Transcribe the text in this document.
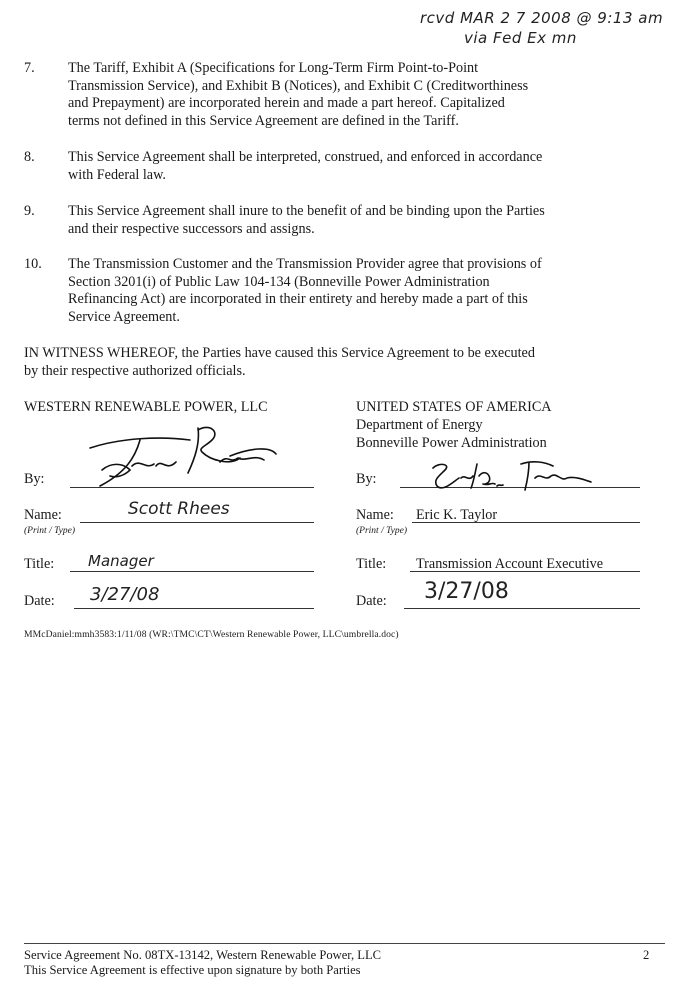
rcvd MAR 2 7 2008 @ 9:13 am
via Fed Ex mn
7.	The Tariff, Exhibit A (Specifications for Long-Term Firm Point-to-Point
Transmission Service), and Exhibit B (Notices), and Exhibit C (Creditworthiness
and Prepayment) are incorporated herein and made a part hereof. Capitalized
terms not defined in this Service Agreement are defined in the Tariff.
8.	This Service Agreement shall be interpreted, construed, and enforced in accordance
with Federal law.
9.	This Service Agreement shall inure to the benefit of and be binding upon the Parties
and their respective successors and assigns.
10.	The Transmission Customer and the Transmission Provider agree that provisions of
Section 3201(i) of Public Law 104-134 (Bonneville Power Administration
Refinancing Act) are incorporated in their entirety and hereby made a part of this
Service Agreement.
IN WITNESS WHEREOF, the Parties have caused this Service Agreement to be executed
by their respective authorized officials.
WESTERN RENEWABLE POWER, LLC
By:
Name:
(Print / Type)
Scott Rhees
Title: Manager
Date: 3/27/08
UNITED STATES OF AMERICA
Department of Energy
Bonneville Power Administration
By:
Name:
(Print / Type)
Eric K. Taylor
Title: Transmission Account Executive
Date: 3/27/08
MMcDaniel:mmh3583:1/11/08 (WR:\TMC\CT\Western Renewable Power, LLC\umbrella.doc)
Service Agreement No. 08TX-13142, Western Renewable Power, LLC
This Service Agreement is effective upon signature by both Parties
2
